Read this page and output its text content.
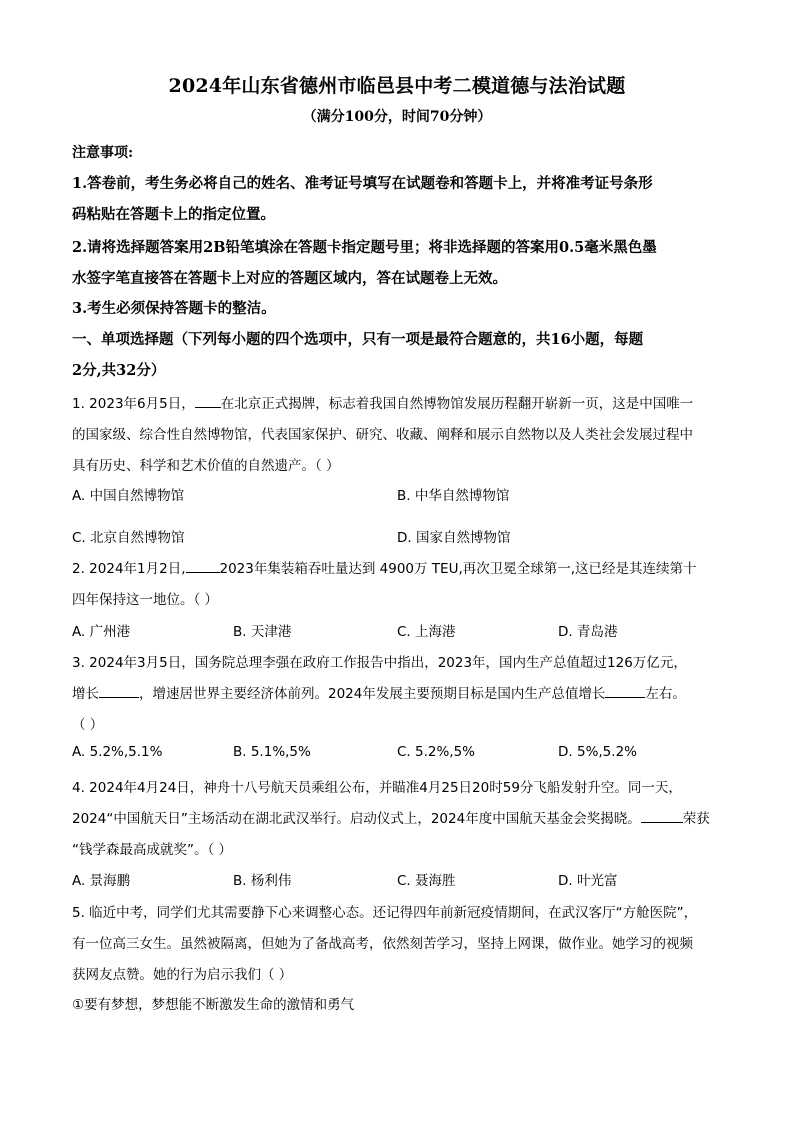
2024年山东省德州市临邑县中考二模道德与法治试题
（满分100分，时间70分钟）
注意事项:
1.答卷前，考生务必将自己的姓名、准考证号填写在试题卷和答题卡上，并将准考证号条形
码粘贴在答题卡上的指定位置。
2.请将选择题答案用2B铅笔填涂在答题卡指定题号里；将非选择题的答案用0.5毫米黑色墨
水签字笔直接答在答题卡上对应的答题区域内，答在试题卷上无效。
3.考生必须保持答题卡的整洁。
一、单项选择题（下列每小题的四个选项中，只有一项是最符合题意的，共16小题，每题
2分,共32分）
1. 2023年6月5日， 在北京正式揭牌，标志着我国自然博物馆发展历程翻开崭新一页，这是中国唯一
的国家级、综合性自然博物馆，代表国家保护、研究、收藏、阐释和展示自然物以及人类社会发展过程中
具有历史、科学和艺术价值的自然遗产。（ ）
A. 中国自然博物馆	B. 中华自然博物馆
C. 北京自然博物馆	D. 国家自然博物馆
2. 2024年1月2日,	2023年集装箱吞吐量达到 4900万 TEU,再次卫冕全球第一,这已经是其连续第十
四年保持这一地位。（ ）
A. 广州港	B. 天津港	C. 上海港	D. 青岛港
3. 2024年3月5日，国务院总理李强在政府工作报告中指出，2023年，国内生产总值超过126万亿元，
增长	，增速居世界主要经济体前列。2024年发展主要预期目标是国内生产总值增长	左右。
（ ）
A. 5.2%,5.1%	B. 5.1%,5%	C. 5.2%,5%	D. 5%,5.2%
4. 2024年4月24日，神舟十八号航天员乘组公布，并瞄准4月25日20时59分飞船发射升空。同一天，
2024“中国航天日”主场活动在湖北武汉举行。启动仪式上，2024年度中国航天基金会奖揭晓。	荣获
“钱学森最高成就奖”。（ ）
A. 景海鹏	B. 杨利伟	C. 聂海胜	D. 叶光富
5. 临近中考，同学们尤其需要静下心来调整心态。还记得四年前新冠疫情期间，在武汉客厅“方舱医院”，
有一位高三女生。虽然被隔离，但她为了备战高考，依然刻苦学习，坚持上网课，做作业。她学习的视频
获网友点赞。她的行为启示我们（ ）
①要有梦想，梦想能不断激发生命的激情和勇气
